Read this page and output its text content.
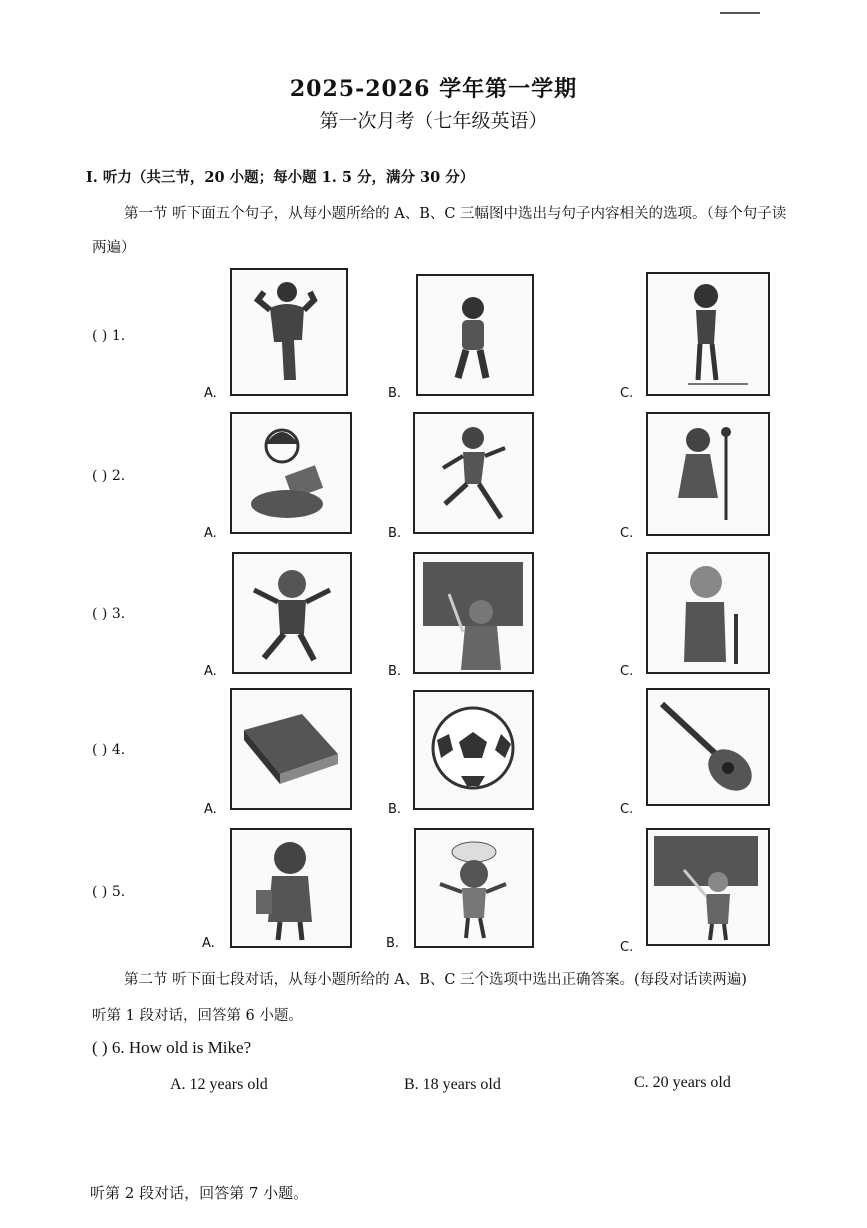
2025-2026 学年第一学期
第一次月考（七年级英语）
I. 听力（共三节，20 小题；每小题 1. 5 分，满分 30 分）
第一节 听下面五个句子，从每小题所给的 A、B、C 三幅图中选出与句子内容相关的选项。（每个句子读
两遍）
( ) 1.
A.	B.	C.
( ) 2.
A.	B.	C.
( ) 3.
A.	B.	C.
( ) 4.
A.	B.	C.
( ) 5.
A.	B.	C.
第二节 听下面七段对话，从每小题所给的 A、B、C 三个选项中选出正确答案。(每段对话读两遍)
听第 1 段对话，回答第 6 小题。
( ) 6. How old is Mike?
A. 12 years old	B. 18 years old	C. 20 years old
听第 2 段对话，回答第 7 小题。
